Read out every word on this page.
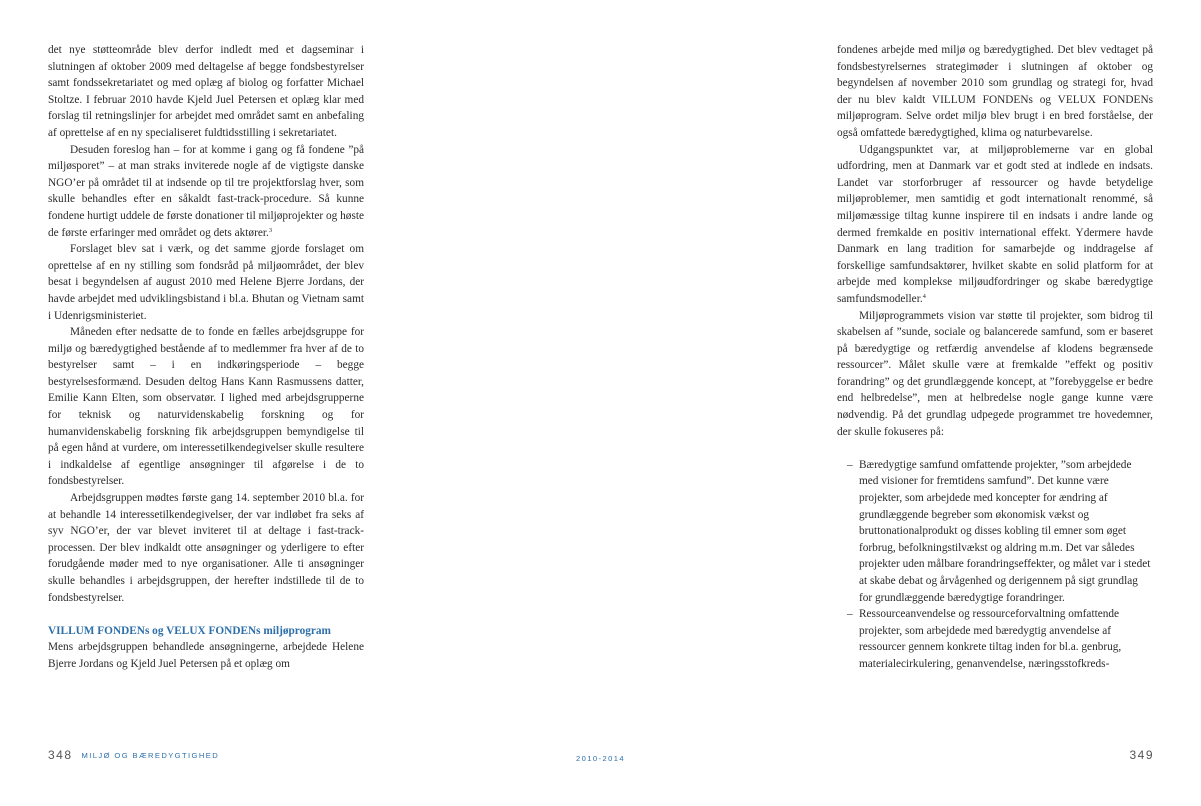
det nye støtteområde blev derfor indledt med et dagseminar i slutningen af oktober 2009 med deltagelse af begge fondsbestyrelser samt fondssekretariatet og med oplæg af biolog og forfatter Michael Stoltze. I februar 2010 havde Kjeld Juel Petersen et oplæg klar med forslag til retningslinjer for arbejdet med området samt en anbefaling af oprettelse af en ny specialiseret fuldtidsstilling i sekretariatet.

Desuden foreslog han – for at komme i gang og få fondene ”på miljøsporet” – at man straks inviterede nogle af de vigtigste danske NGO’er på området til at indsende op til tre projektforslag hver, som skulle behandles efter en såkaldt fast-track-procedure. Så kunne fondene hurtigt uddele de første donationer til miljøprojekter og høste de første erfaringer med området og dets aktører.$^3$

Forslaget blev sat i værk, og det samme gjorde forslaget om oprettelse af en ny stilling som fondsråd på miljøområdet, der blev besat i begyndelsen af august 2010 med Helene Bjerre Jordans, der havde arbejdet med udviklingsbistand i bl.a. Bhutan og Vietnam samt i Udenrigsministeriet.

Måneden efter nedsatte de to fonde en fælles arbejdsgruppe for miljø og bæredygtighed bestående af to medlemmer fra hver af de to bestyrelser samt – i en indkøringsperiode – begge bestyrelsesformænd. Desuden deltog Hans Kann Rasmussens datter, Emilie Kann Elten, som observatør. I lighed med arbejdsgrupperne for teknisk og naturvidenskabelig forskning og for humanvidenskabelig forskning fik arbejdsgruppen bemyndigelse til på egen hånd at vurdere, om interessetilkendegivelser skulle resultere i indkaldelse af egentlige ansøgninger til afgørelse i de to fondsbestyrelser.

Arbejdsgruppen mødtes første gang 14. september 2010 bl.a. for at behandle 14 interessetilkendegivelser, der var indløbet fra seks af syv NGO’er, der var blevet inviteret til at deltage i fast-track-processen. Der blev indkaldt otte ansøgninger og yderligere to efter forudgående møder med to nye organisationer. Alle ti ansøgninger skulle behandles i arbejdsgruppen, der herefter indstillede til de to fondsbestyrelser.

VILLUM FONDENs og VELUX FONDENs miljøprogram

Mens arbejdsgruppen behandlede ansøgningerne, arbejdede Helene Bjerre Jordans og Kjeld Juel Petersen på et oplæg om

fondenes arbejde med miljø og bæredygtighed. Det blev vedtaget på fondsbestyrelsernes strategimøder i slutningen af oktober og begyndelsen af november 2010 som grundlag og strategi for, hvad der nu blev kaldt VILLUM FONDENs og VELUX FONDENs miljøprogram. Selve ordet miljø blev brugt i en bred forståelse, der også omfattede bæredygtighed, klima og naturbevarelse.

Udgangspunktet var, at miljøproblemerne var en global udfordring, men at Danmark var et godt sted at indlede en indsats. Landet var storforbruger af ressourcer og havde betydelige miljøproblemer, men samtidig et godt internationalt renommé, så miljømæssige tiltag kunne inspirere til en indsats i andre lande og dermed fremkalde en positiv international effekt. Ydermere havde Danmark en lang tradition for samarbejde og inddragelse af forskellige samfundsaktører, hvilket skabte en solid platform for at arbejde med komplekse miljøudfordringer og skabe bæredygtige samfundsmodeller.$^4$

Miljøprogrammets vision var støtte til projekter, som bidrog til skabelsen af ”sunde, sociale og balancerede samfund, som er baseret på bæredygtige og retfærdig anvendelse af klodens begrænsede ressourcer”. Målet skulle være at fremkalde ”effekt og positiv forandring” og det grundlæggende koncept, at ”forebyggelse er bedre end helbredelse”, men at helbredelse nogle gange kunne være nødvendig. På det grundlag udpegede programmet tre hovedemner, der skulle fokuseres på:

– Bæredygtige samfund omfattende projekter, ”som arbejdede med visioner for fremtidens samfund”. Det kunne være projekter, som arbejdede med koncepter for ændring af grundlæggende begreber som økonomisk vækst og bruttonationalprodukt og disses kobling til emner som øget forbrug, befolkningstilvækst og aldring m.m. Det var således projekter uden målbare forandringseffekter, og målet var i stedet at skabe debat og årvågenhed og derigennem på sigt grundlag for grundlæggende bæredygtige forandringer.
– Ressourceanvendelse og ressourceforvaltning omfattende projekter, som arbejdede med bæredygtig anvendelse af ressourcer gennem konkrete tiltag inden for bl.a. genbrug, materialecirkulering, genanvendelse, næringsstofkreds-
348 MILJØ OG BÆREDYGTIGHED	2010-2014	349
